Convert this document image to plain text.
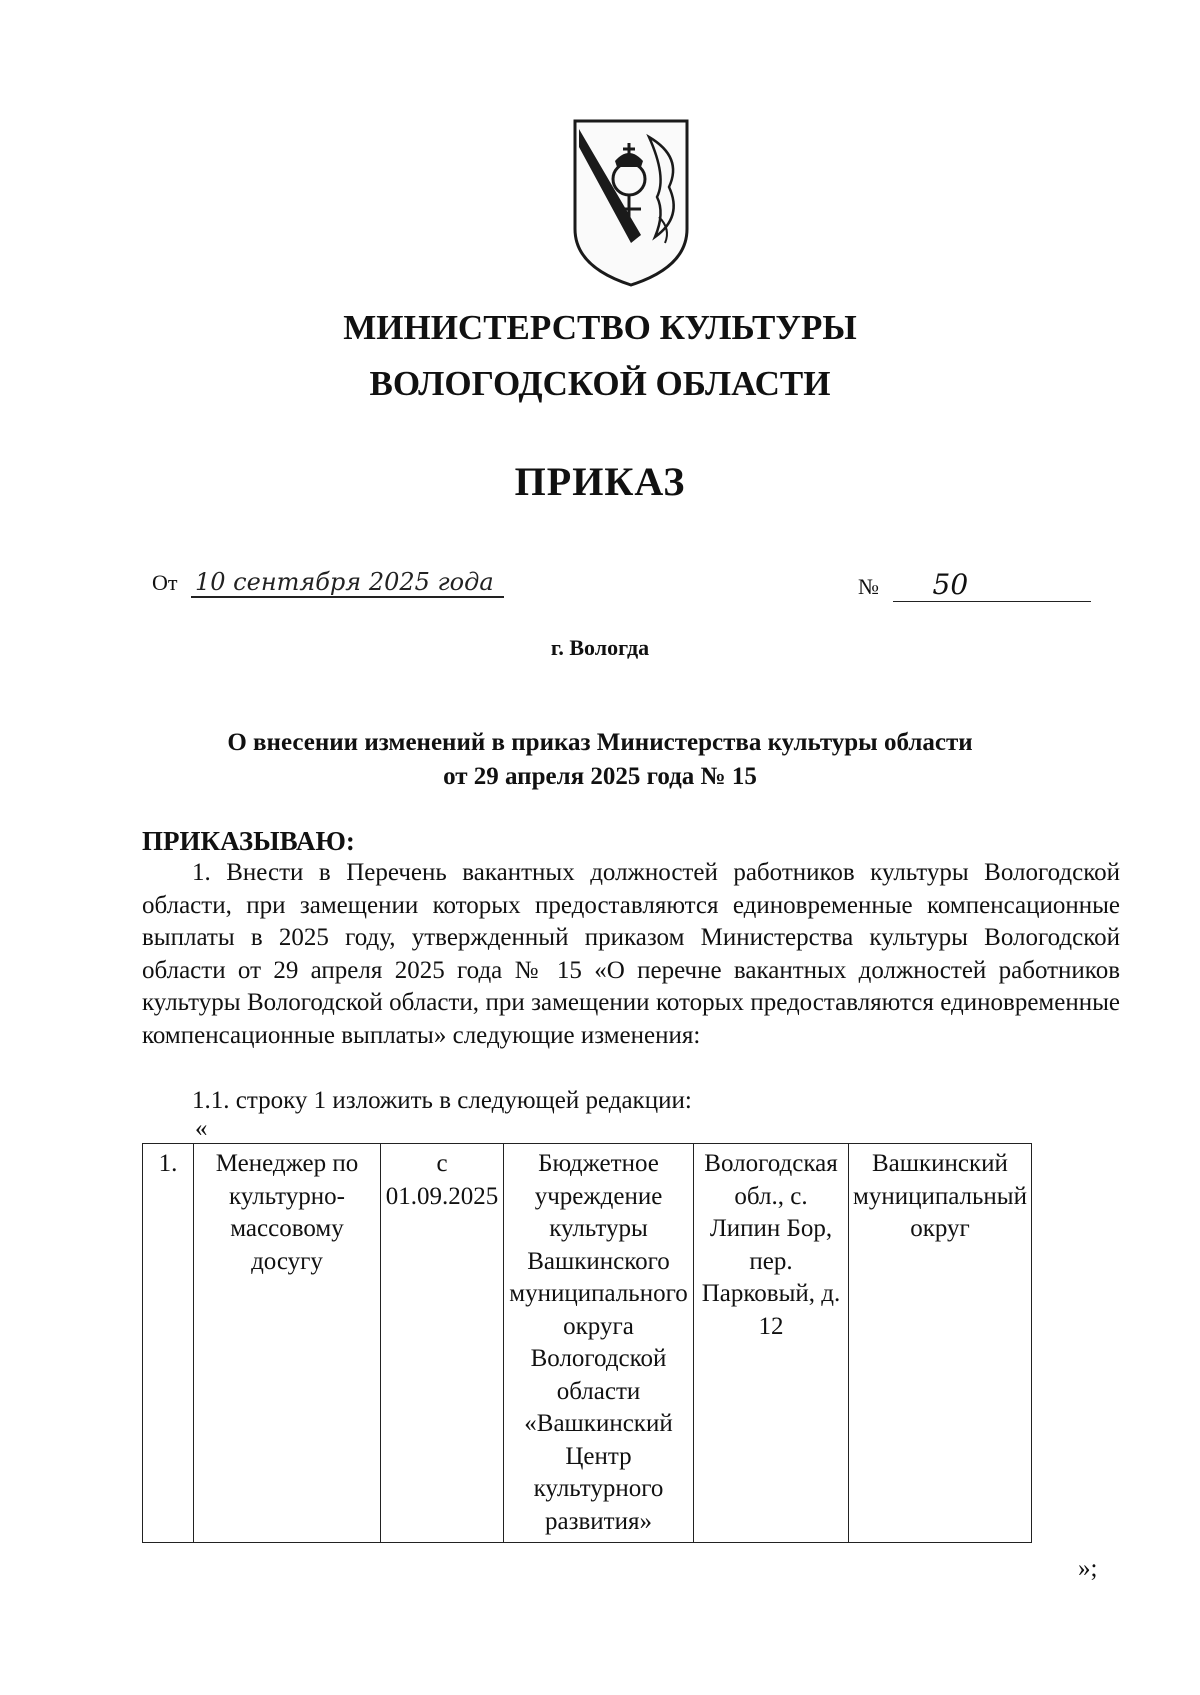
МИНИСТЕРСТВО КУЛЬТУРЫ
ВОЛОГОДСКОЙ ОБЛАСТИ
ПРИКАЗ
От 10 сентября 2025 года	№ 50
г. Вологда
О внесении изменений в приказ Министерства культуры области
от 29 апреля 2025 года № 15
ПРИКАЗЫВАЮ:
1. Внести в Перечень вакантных должностей работников культуры Вологодской области, при замещении которых предоставляются единовременные компенсационные выплаты в 2025 году, утвержденный приказом Министерства культуры Вологодской области от 29 апреля 2025 года № 15 «О перечне вакантных должностей работников культуры Вологодской области, при замещении которых предоставляются единовременные компенсационные выплаты» следующие изменения:
1.1. строку 1 изложить в следующей редакции:
«
1.	Менеджер по культурно-массовому досугу	с 01.09.2025	Бюджетное учреждение культуры Вашкинского муниципального округа Вологодской области «Вашкинский Центр культурного развития»	Вологодская обл., с. Липин Бор, пер. Парковый, д. 12	Вашкинский муниципальный округ
»;
